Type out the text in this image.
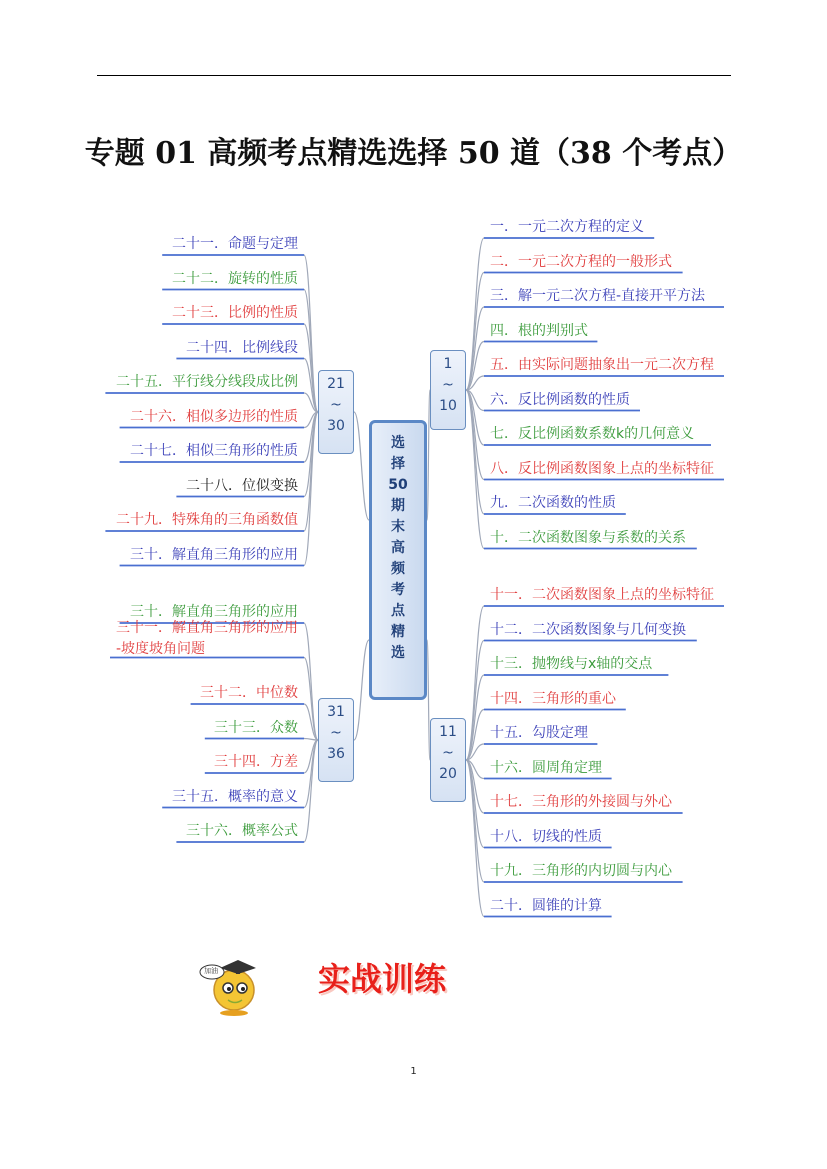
专题 01 高频考点精选选择 50 道（38 个考点）
选
择
50
期
末
高
频
考
点
精
选
1
~
10
11
~
20
21
~
30
31
~
36
一．一元二次方程的定义
二．一元二次方程的一般形式
三．解一元二次方程-直接开平方法
四．根的判别式
五．由实际问题抽象出一元二次方程
六．反比例函数的性质
七．反比例函数系数k的几何意义
八．反比例函数图象上点的坐标特征
九．二次函数的性质
十．二次函数图象与系数的关系
十一．二次函数图象上点的坐标特征
十二．二次函数图象与几何变换
十三．抛物线与x轴的交点
十四．三角形的重心
十五．勾股定理
十六．圆周角定理
十七．三角形的外接圆与外心
十八．切线的性质
十九．三角形的内切圆与内心
二十．圆锥的计算
二十一．命题与定理
二十二．旋转的性质
二十三．比例的性质
二十四．比例线段
二十五．平行线分线段成比例
二十六．相似多边形的性质
二十七．相似三角形的性质
二十八．位似变换
二十九．特殊角的三角函数值
三十．解直角三角形的应用
三十．解直角三角形的应用
三十一．解直角三角形的应用
-坡度坡角问题
三十二．中位数
三十三．众数
三十四．方差
三十五．概率的意义
三十六．概率公式
加油	实战训练
1
